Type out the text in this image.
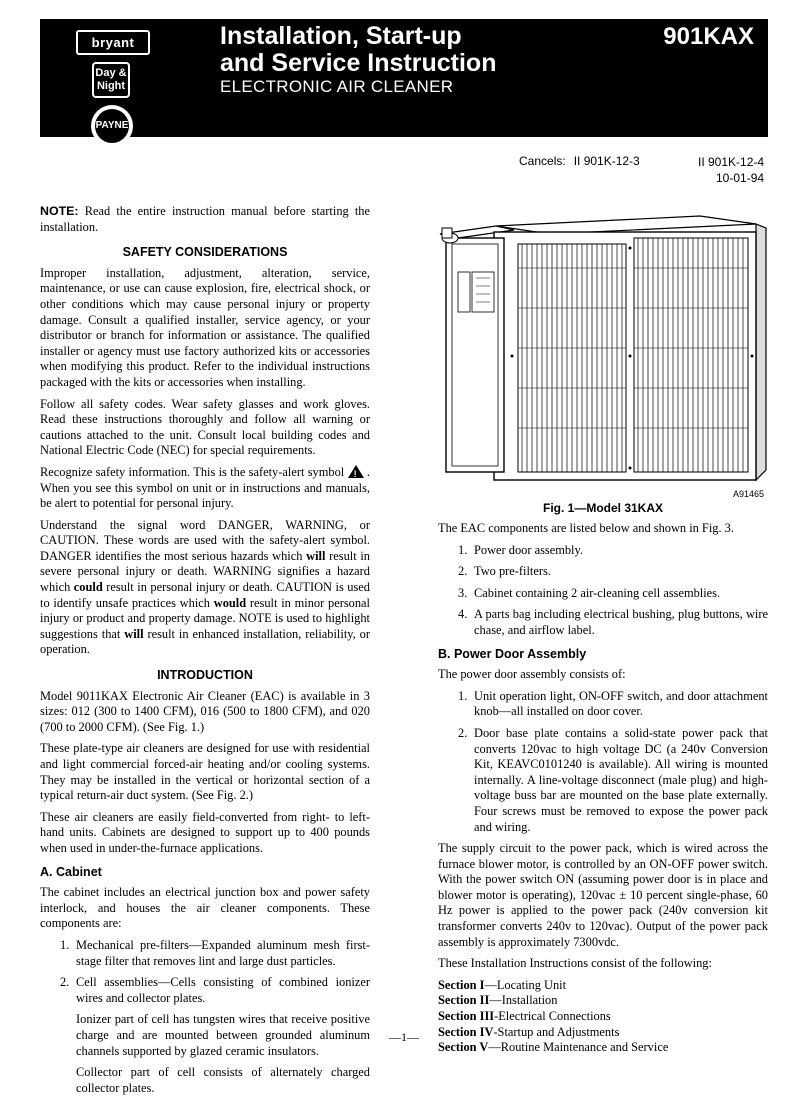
bryant
Day &
Night
PAYNE
Installation, Start-up
and Service Instruction
ELECTRONIC AIR CLEANER
901KAX
Cancels: II 901K-12-3	II 901K-12-4
10-01-94

NOTE: Read the entire instruction manual before starting the installation.

SAFETY CONSIDERATIONS

Improper installation, adjustment, alteration, service, maintenance, or use can cause explosion, fire, electrical shock, or other conditions which may cause personal injury or property damage. Consult a qualified installer, service agency, or your distributor or branch for information or assistance. The qualified installer or agency must use factory authorized kits or accessories when modifying this product. Refer to the individual instructions packaged with the kits or accessories when installing.

Follow all safety codes. Wear safety glasses and work gloves. Read these instructions thoroughly and follow all warning or cautions attached to the unit. Consult local building codes and National Electric Code (NEC) for special requirements.

Recognize safety information. This is the safety-alert symbol ! . When you see this symbol on unit or in instructions and manuals, be alert to potential for personal injury.

Understand the signal word DANGER, WARNING, or CAUTION. These words are used with the safety-alert symbol. DANGER identifies the most serious hazards which will result in severe personal injury or death. WARNING signifies a hazard which could result in personal injury or death. CAUTION is used to identify unsafe practices which would result in minor personal injury or product and property damage. NOTE is used to highlight suggestions that will result in enhanced installation, reliability, or operation.

INTRODUCTION

Model 9011KAX Electronic Air Cleaner (EAC) is available in 3 sizes: 012 (300 to 1400 CFM), 016 (500 to 1800 CFM), and 020 (700 to 2000 CFM). (See Fig. 1.)

These plate-type air cleaners are designed for use with residential and light commercial forced-air heating and/or cooling systems. They may be installed in the vertical or horizontal section of a typical return-air duct system. (See Fig. 2.)

These air cleaners are easily field-converted from right- to left-hand units. Cabinets are designed to support up to 400 pounds when used in under-the-furnace applications.

A. Cabinet

The cabinet includes an electrical junction box and power safety interlock, and houses the air cleaner components. These components are:

1. Mechanical pre-filters—Expanded aluminum mesh first-stage filter that removes lint and large dust particles.
2. Cell assemblies—Cells consisting of combined ionizer wires and collector plates.

Ionizer part of cell has tungsten wires that receive positive charge and are mounted between grounded aluminum channels supported by glazed ceramic insulators.

Collector part of cell consists of alternately charged collector plates.

A91465
Fig. 1—Model 31KAX

The EAC components are listed below and shown in Fig. 3.

1. Power door assembly.
2. Two pre-filters.
3. Cabinet containing 2 air-cleaning cell assemblies.
4. A parts bag including electrical bushing, plug buttons, wire chase, and airflow label.
B. Power Door Assembly

The power door assembly consists of:

1. Unit operation light, ON-OFF switch, and door attachment knob—all installed on door cover.
2. Door base plate contains a solid-state power pack that converts 120vac to high voltage DC (a 240v Conversion Kit, KEAVC0101240 is available). All wiring is mounted internally. A line-voltage disconnect (male plug) and high-voltage buss bar are mounted on the base plate externally. Four screws must be removed to expose the power pack and wiring.

The supply circuit to the power pack, which is wired across the furnace blower motor, is controlled by an ON-OFF power switch. With the power switch ON (assuming power door is in place and blower motor is operating), 120vac ± 10 percent single-phase, 60 Hz power is applied to the power pack (240v conversion kit transformer converts 240v to 120vac). Output of the power pack assembly is approximately 7300vdc.

These Installation Instructions consist of the following:

Section I—Locating Unit

Section II—Installation

Section III-Electrical Connections

Section IV-Startup and Adjustments

Section V—Routine Maintenance and Service

—1—
